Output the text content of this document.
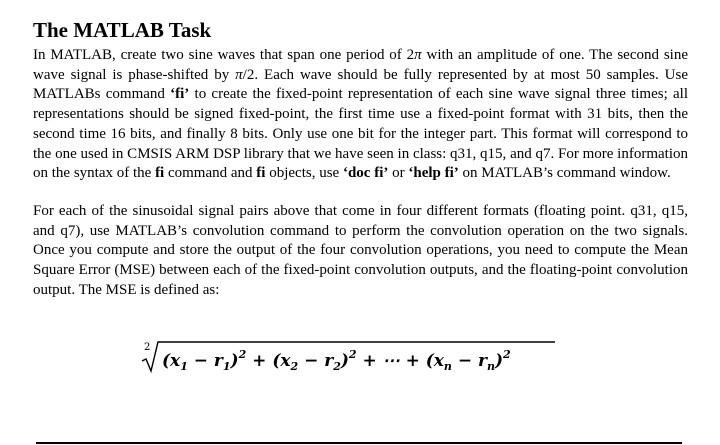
The MATLAB Task

In MATLAB, create two sine waves that span one period of 2π with an amplitude of one. The second sine wave signal is phase-shifted by π/2. Each wave should be fully represented by at most 50 samples. Use MATLABs command ‘fi’ to create the fixed-point representation of each sine wave signal three times; all representations should be signed fixed-point, the first time use a fixed-point format with 31 bits, then the second time 16 bits, and finally 8 bits. Only use one bit for the integer part. This format will correspond to the one used in CMSIS ARM DSP library that we have seen in class: q31, q15, and q7. For more information on the syntax of the fi command and fi objects, use ‘doc fi’ or ‘help fi’ on MATLAB’s command window.

For each of the sinusoidal signal pairs above that come in four different formats (floating point. q31, q15, and q7), use MATLAB’s convolution command to perform the convolution operation on the two signals. Once you compute and store the output of the four convolution operations, you need to compute the Mean Square Error (MSE) between each of the fixed-point convolution outputs, and the floating-point convolution output. The MSE is defined as:

2
$(x_1 - r_1)^2 + (x_2 - r_2)^2$ + ⋯ + $(x_n - r_n)^2$
